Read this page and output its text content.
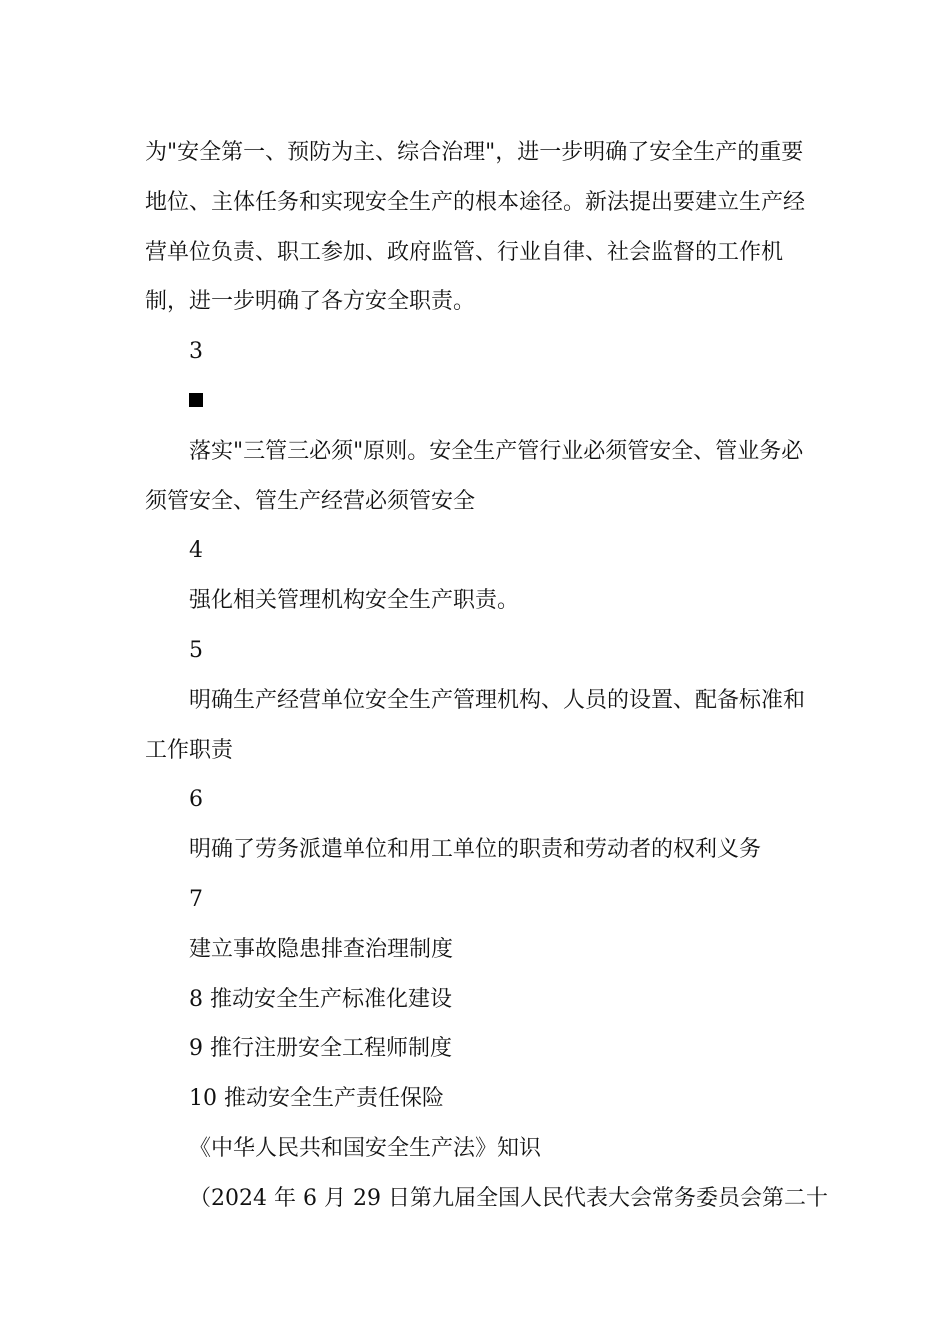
为"安全第一、预防为主、综合治理"，进一步明确了安全生产的重要地位、主体任务和实现安全生产的根本途径。新法提出要建立生产经营单位负责、职工参加、政府监管、行业自律、社会监督的工作机制，进一步明确了各方安全职责。

3

落实"三管三必须"原则。安全生产管行业必须管安全、管业务必须管安全、管生产经营必须管安全

4

强化相关管理机构安全生产职责。

5

明确生产经营单位安全生产管理机构、人员的设置、配备标准和工作职责

6

明确了劳务派遣单位和用工单位的职责和劳动者的权利义务

7

建立事故隐患排查治理制度

8 推动安全生产标准化建设

9 推行注册安全工程师制度

10 推动安全生产责任保险

《中华人民共和国安全生产法》知识

（2024 年 6 月 29 日第九届全国人民代表大会常务委员会第二十
